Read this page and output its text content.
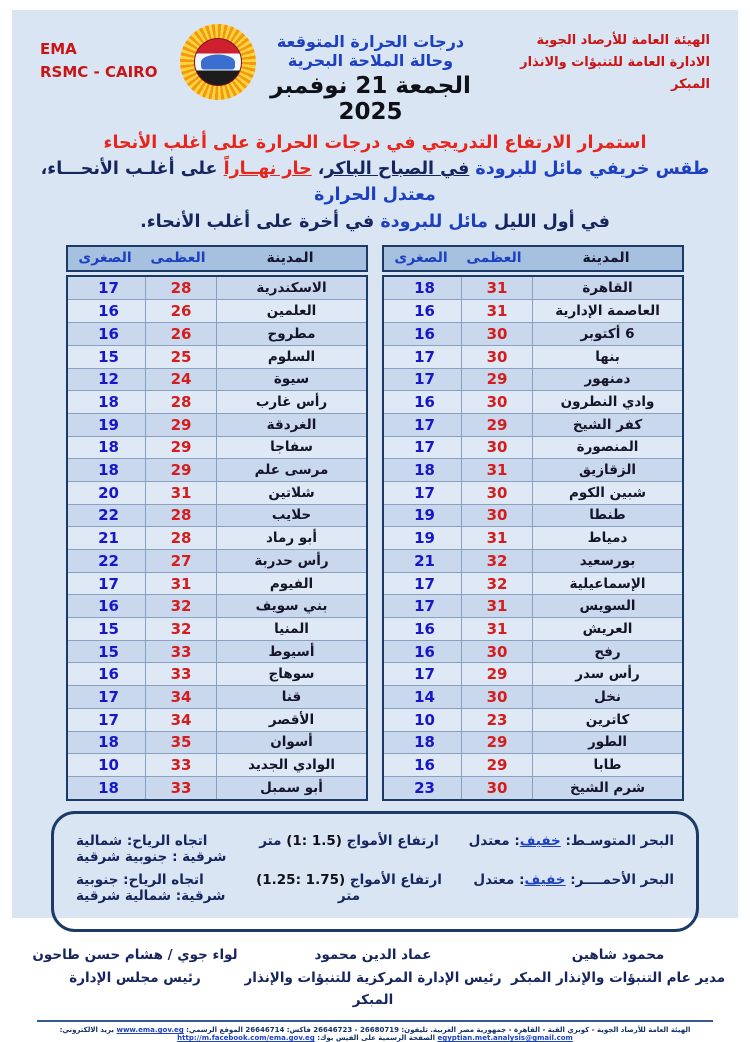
EMA
RSMC - CAIRO
درجات الحرارة المتوقعة وحالة الملاحة البحرية
الجمعة 21 نوفمبر 2025
الهيئة العامة للأرصاد الجوية
الادارة العامة للتنبؤات والانذار المبكر
استمرار الارتفاع التدريجي في درجات الحرارة على أغلب الأنحاء
طقس خريفي مائل للبرودة في الصباح الباكر، حار نهــاراً على أغلـب الأنحـــاء، معتدل الحرارة
في أول الليل مائل للبرودة في أخرة على أغلب الأنحاء.
المدينة
العظمى
الصغرى
القاهرة
31
18
العاصمة الإدارية
31
16
6 أكتوبر
30
16
بنها
30
17
دمنهور
29
17
وادي النطرون
30
16
كفر الشيخ
29
17
المنصورة
30
17
الزقازيق
31
18
شبين الكوم
30
17
طنطا
30
19
دمياط
31
19
بورسعيد
32
21
الإسماعيلية
32
17
السويس
31
17
العريش
31
16
رفح
30
16
رأس سدر
29
17
نخل
30
14
كاترين
23
10
الطور
29
18
طابا
29
16
شرم الشيخ
30
23
المدينة
العظمى
الصغرى
الاسكندرية
28
17
العلمين
26
16
مطروح
26
16
السلوم
25
15
سيوة
24
12
رأس غارب
28
18
الغردقة
29
19
سفاجا
29
18
مرسى علم
29
18
شلاتين
31
20
حلايب
28
22
أبو رماد
28
21
رأس حدربة
27
22
الفيوم
31
17
بني سويف
32
16
المنيا
32
15
أسيوط
33
15
سوهاج
33
16
قنا
34
17
الأقصر
34
17
أسوان
35
18
الوادي الجديد
33
10
أبو سمبل
33
18
البحر المتوسـط: خفيف: معتدل
ارتفاع الأمواج (1: 1.5) متر
اتجاه الرياح: شمالية شرقية : جنوبية شرقية
البحر الأحمــــر: خفيف: معتدل
ارتفاع الأمواج (1.25: 1.75) متر
اتجاه الرياح: جنوبية شرقية: شمالية شرقية
محمود شاهين
مدير عام التنبؤات والإنذار المبكر
عماد الدين محمود
رئيس الإدارة المركزية للتنبؤات والإنذار المبكر
لواء جوي / هشام حسن طاحون
رئيس مجلس الإدارة
الهيئة العامة للأرصاد الجوية - كوبري القبة - القاهرة - جمهورية مصر العربية. تليفون: 26680719 - 26646723 فاكس: 26646714 الموقع الرسمي: www.ema.gov.eg بريد الالكتروني: egyptian.met.analysis@gmail.com الصفحة الرسمية على الفيس بوك: http://m.facebook.com/ema.gov.eg
